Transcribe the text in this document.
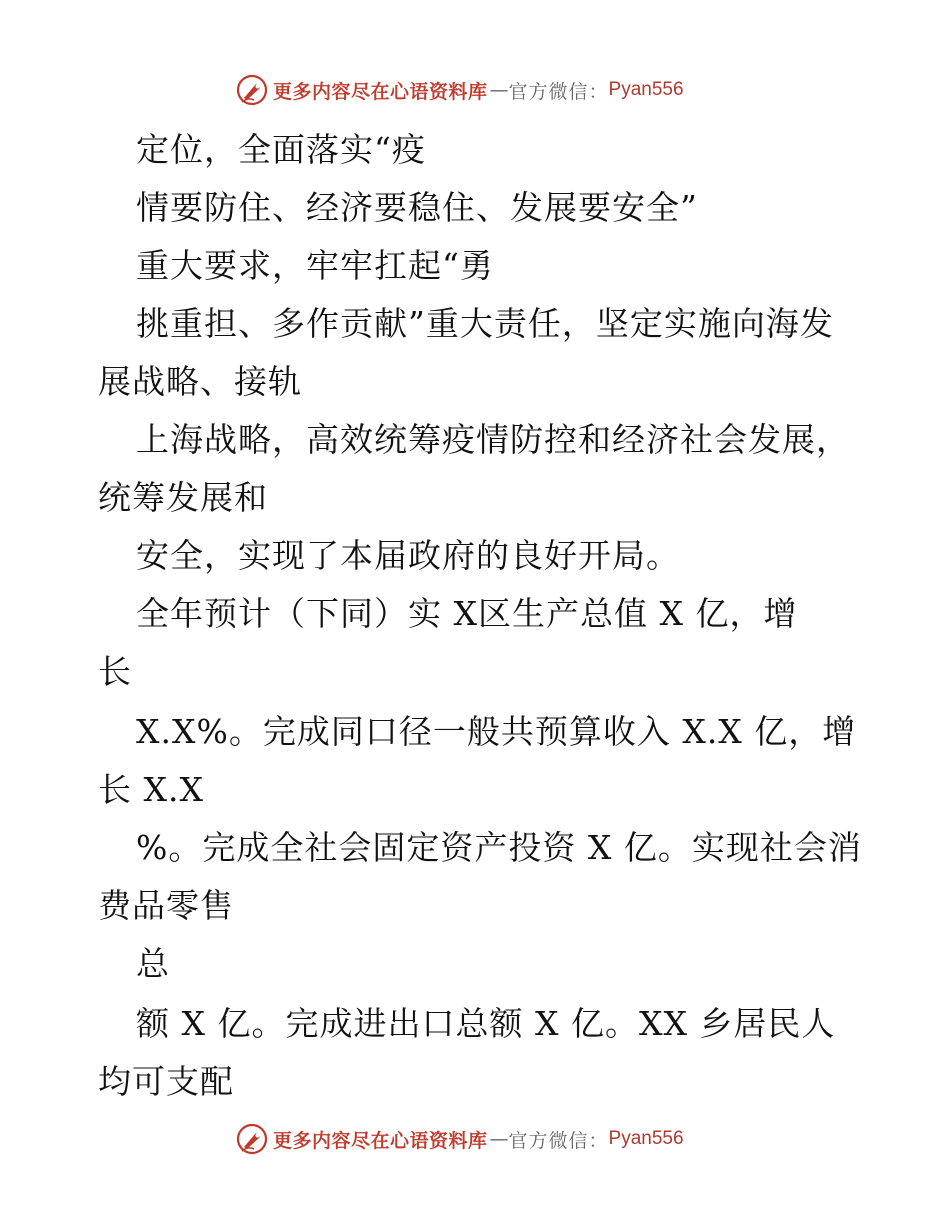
更多内容尽在心语资料库 — 官方微信： Pyan556
定位，全面落实“疫
情要防住、经济要稳住、发展要安全”
重大要求，牢牢扛起“勇
挑重担、多作贡献”重大责任，坚定实施向海发
展战略、接轨
上海战略，高效统筹疫情防控和经济社会发展，
统筹发展和
安全，实现了本届政府的良好开局。
全年预计（下同）实 X区生产总值 X 亿，增
长
X.X%。完成同口径一般共预算收入 X.X 亿，增
长 X.X
%。完成全社会固定资产投资 X 亿。实现社会消
费品零售
总
额 X 亿。完成进出口总额 X 亿。XX 乡居民人
均可支配
更多内容尽在心语资料库 — 官方微信： Pyan556
